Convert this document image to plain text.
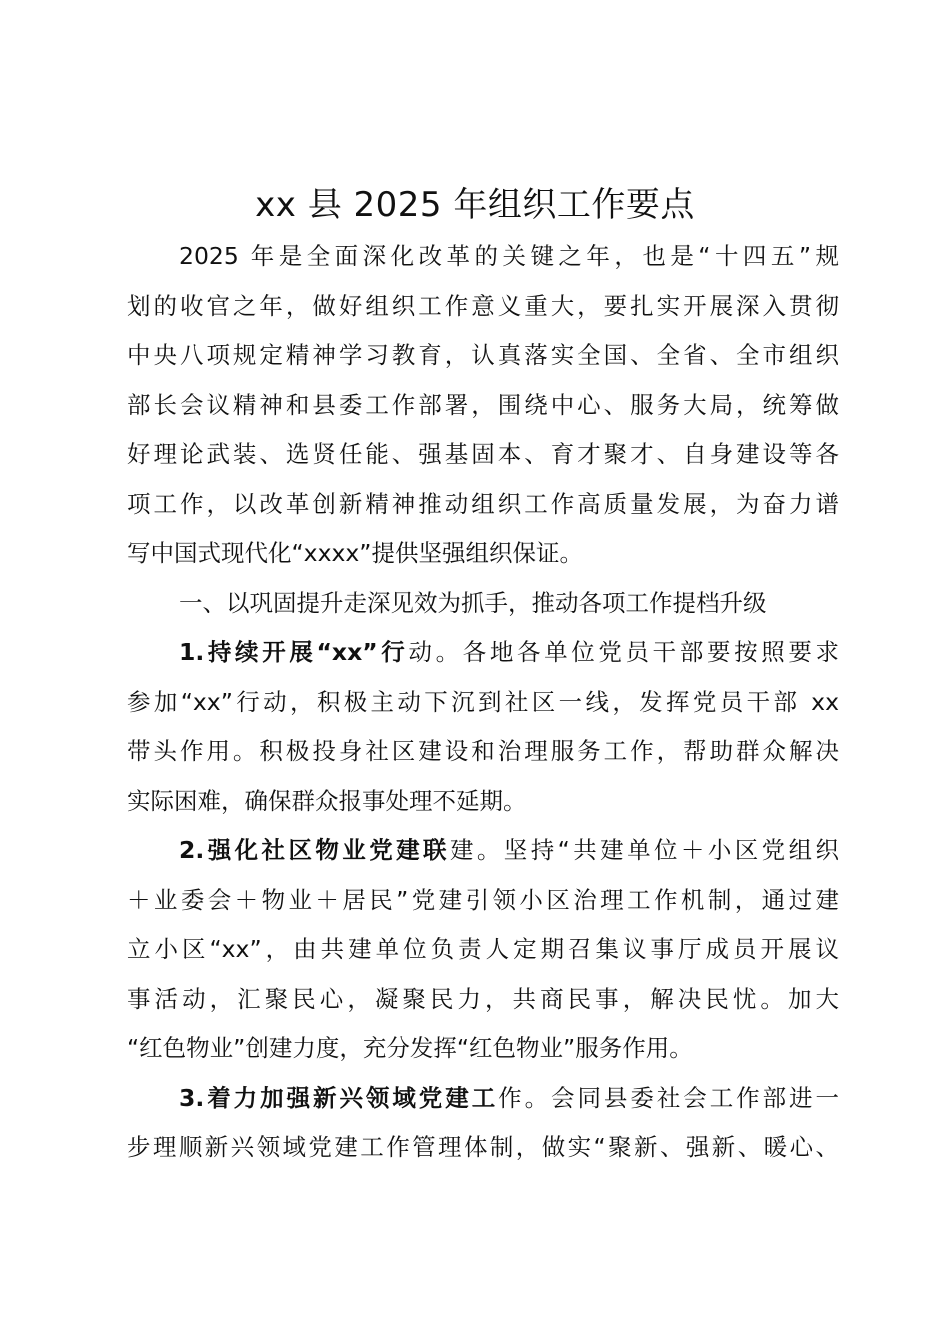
xx 县 2025 年组织工作要点
2025 年是全面深化改革的关键之年，也是“十四五”规
划的收官之年，做好组织工作意义重大，要扎实开展深入贯彻
中央八项规定精神学习教育，认真落实全国、全省、全市组织
部长会议精神和县委工作部署，围绕中心、服务大局，统筹做
好理论武装、选贤任能、强基固本、育才聚才、自身建设等各
项工作，以改革创新精神推动组织工作高质量发展，为奋力谱
写中国式现代化“xxxx”提供坚强组织保证。
一、以巩固提升走深见效为抓手，推动各项工作提档升级
1.持续开展“xx”行动。各地各单位党员干部要按照要求
参加“xx”行动，积极主动下沉到社区一线，发挥党员干部 xx
带头作用。积极投身社区建设和治理服务工作，帮助群众解决
实际困难，确保群众报事处理不延期。
2.强化社区物业党建联建。坚持“共建单位＋小区党组织
＋业委会＋物业＋居民”党建引领小区治理工作机制，通过建
立小区“xx”，由共建单位负责人定期召集议事厅成员开展议
事活动，汇聚民心，凝聚民力，共商民事，解决民忧。加大
“红色物业”创建力度，充分发挥“红色物业”服务作用。
3.着力加强新兴领域党建工作。会同县委社会工作部进一
步理顺新兴领域党建工作管理体制，做实“聚新、强新、暖心、
